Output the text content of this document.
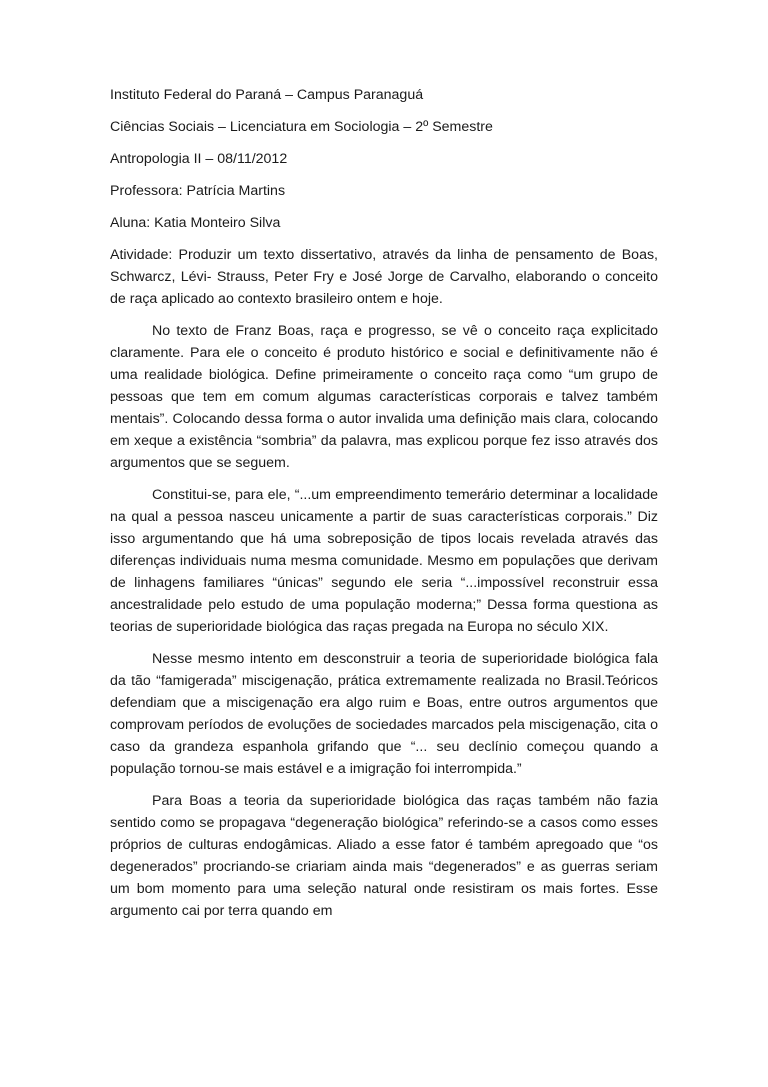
Instituto Federal do Paraná – Campus Paranaguá

Ciências Sociais – Licenciatura em Sociologia – 2º Semestre

Antropologia II – 08/11/2012

Professora: Patrícia Martins

Aluna: Katia Monteiro Silva

Atividade: Produzir um texto dissertativo, através da linha de pensamento de Boas, Schwarcz, Lévi- Strauss, Peter Fry e José Jorge de Carvalho, elaborando o conceito de raça aplicado ao contexto brasileiro ontem e hoje.

No texto de Franz Boas, raça e progresso, se vê o conceito raça explicitado claramente. Para ele o conceito é produto histórico e social e definitivamente não é uma realidade biológica. Define primeiramente o conceito raça como “um grupo de pessoas que tem em comum algumas características corporais e talvez também mentais”. Colocando dessa forma o autor invalida uma definição mais clara, colocando em xeque a existência “sombria” da palavra, mas explicou porque fez isso através dos argumentos que se seguem.

Constitui-se, para ele, “...um empreendimento temerário determinar a localidade na qual a pessoa nasceu unicamente a partir de suas características corporais.” Diz isso argumentando que há uma sobreposição de tipos locais revelada através das diferenças individuais numa mesma comunidade. Mesmo em populações que derivam de linhagens familiares “únicas” segundo ele seria “...impossível reconstruir essa ancestralidade pelo estudo de uma população moderna;” Dessa forma questiona as teorias de superioridade biológica das raças pregada na Europa no século XIX.

Nesse mesmo intento em desconstruir a teoria de superioridade biológica fala da tão “famigerada” miscigenação, prática extremamente realizada no Brasil.Teóricos defendiam que a miscigenação era algo ruim e Boas, entre outros argumentos que comprovam períodos de evoluções de sociedades marcados pela miscigenação, cita o caso da grandeza espanhola grifando que “... seu declínio começou quando a população tornou-se mais estável e a imigração foi interrompida.”

Para Boas a teoria da superioridade biológica das raças também não fazia sentido como se propagava “degeneração biológica” referindo-se a casos como esses próprios de culturas endogâmicas. Aliado a esse fator é também apregoado que “os degenerados” procriando-se criariam ainda mais “degenerados” e as guerras seriam um bom momento para uma seleção natural onde resistiram os mais fortes. Esse argumento cai por terra quando em
